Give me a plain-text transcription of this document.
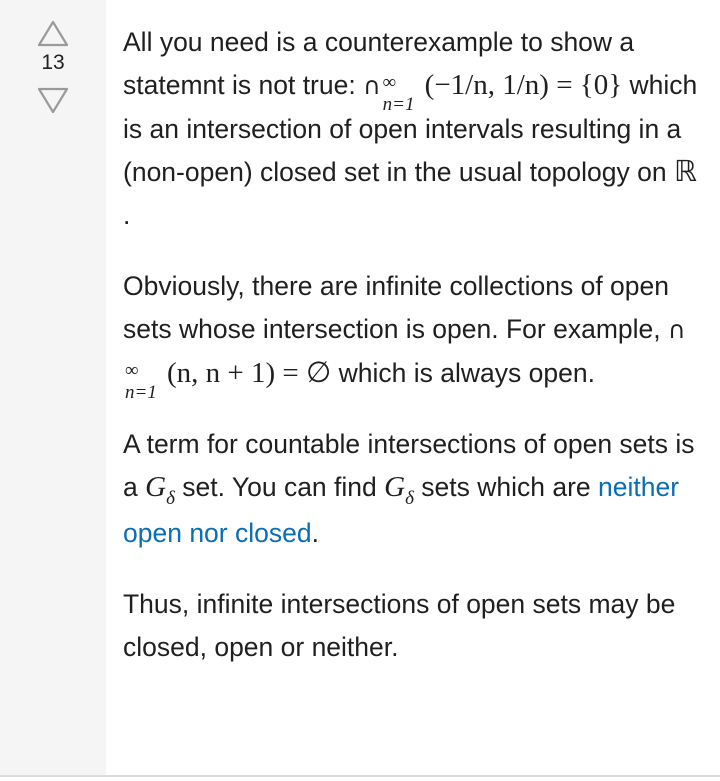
13

All you need is a counterexample to show a statemnt is not true: ∩ ∞
n=1
(−1/n, 1/n) = {0} which is an intersection of open intervals resulting in a (non-open) closed set in the usual topology on ℝ .

Obviously, there are infinite collections of open sets whose intersection is open. For example, ∩
∞
n=1
(n, n + 1) = ∅ which is always open.

A term for countable intersections of open sets is a $G_\delta$ set. You can find $G_\delta$ sets which are neither open nor closed.

Thus, infinite intersections of open sets may be closed, open or neither.
